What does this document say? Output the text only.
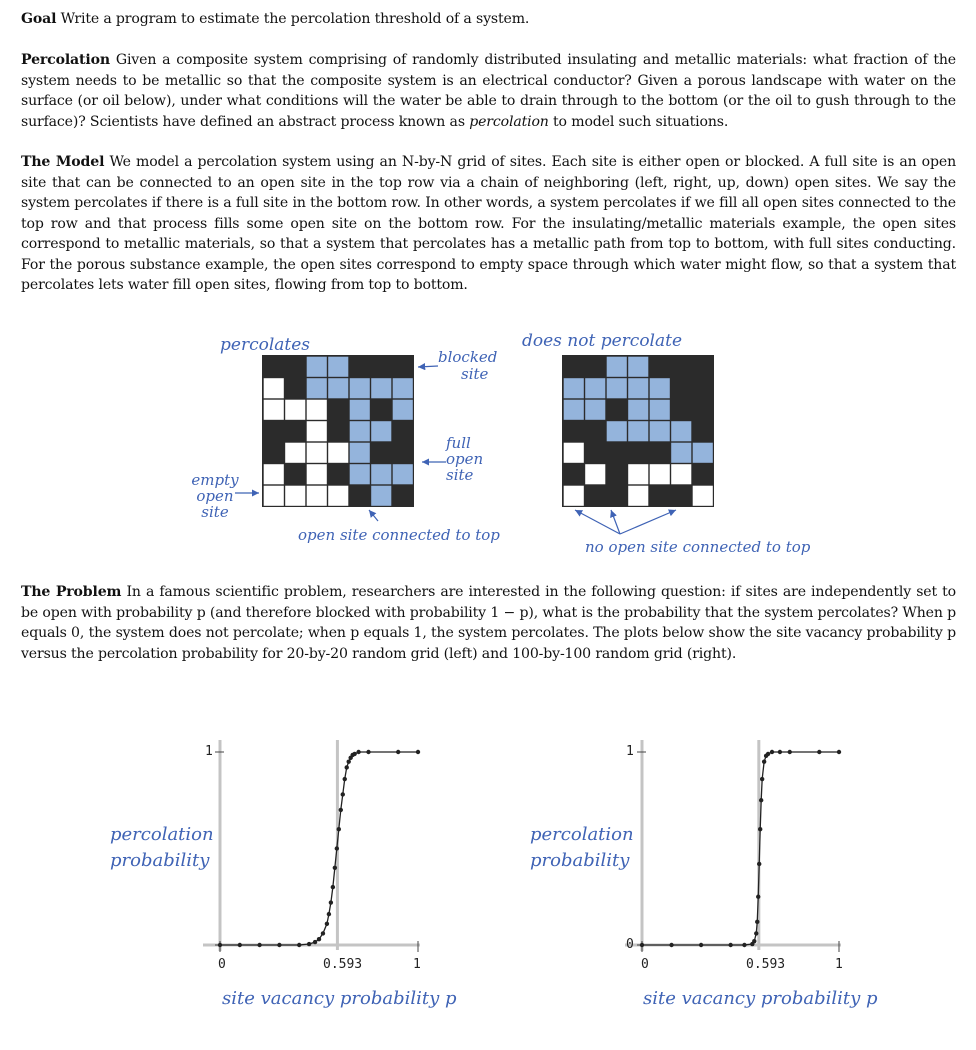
Goal Write a program to estimate the percolation threshold of a system.
Percolation Given a composite system comprising of randomly distributed insulating and metallic materials: what fraction of the system needs to be metallic so that the composite system is an electrical conductor? Given a porous landscape with water on the surface (or oil below), under what conditions will the water be able to drain through to the bottom (or the oil to gush through to the surface)? Scientists have defined an abstract process known as percolation to model such situations.
The Model We model a percolation system using an N-by-N grid of sites. Each site is either open or blocked. A full site is an open site that can be connected to an open site in the top row via a chain of neighboring (left, right, up, down) open sites. We say the system percolates if there is a full site in the bottom row. In other words, a system percolates if we fill all open sites connected to the top row and that process fills some open site on the bottom row. For the insulating/metallic materials example, the open sites correspond to metallic materials, so that a system that percolates has a metallic path from top to bottom, with full sites conducting. For the porous substance example, the open sites correspond to empty space through which water might flow, so that a system that percolates lets water fill open sites, flowing from top to bottom.
percolates	does not percolate
blocked
site
full
open
site
empty
open
site
open site connected to top
no open site connected to top
The Problem In a famous scientific problem, researchers are interested in the following question: if sites are independently set to be open with probability p (and therefore blocked with probability 1 − p), what is the probability that the system percolates? When p equals 0, the system does not percolate; when p equals 1, the system percolates. The plots below show the site vacancy probability p versus the percolation probability for 20-by-20 random grid (left) and 100-by-100 random grid (right).
percolation
probability
site vacancy probability p
percolation
probability
site vacancy probability p
0	0.593	1
1
0	0.593	1
1
0
